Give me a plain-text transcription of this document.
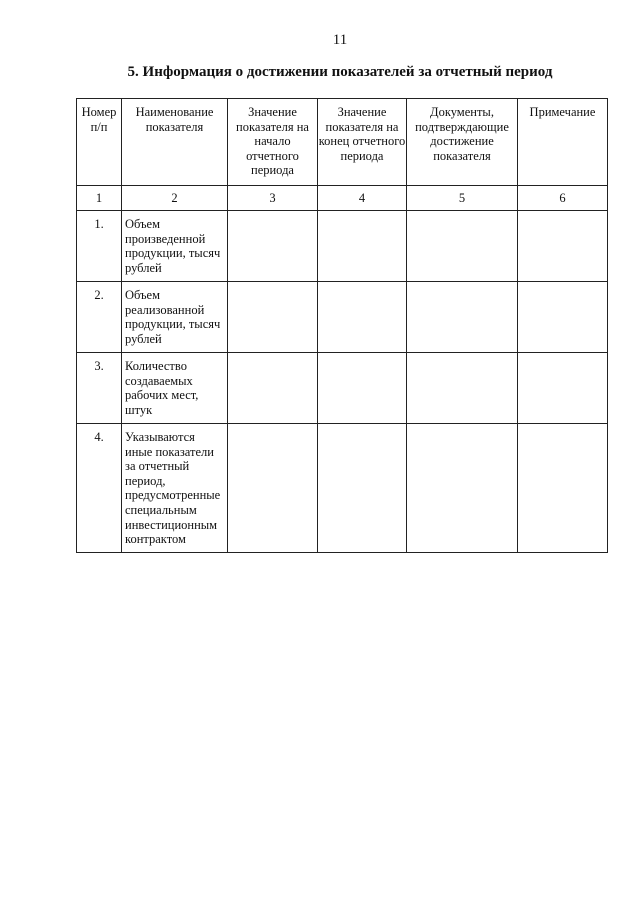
11
5. Информация о достижении показателей за отчетный период
Номер п/п	Наименование показателя	Значение показателя на начало отчетного периода	Значение показателя на конец отчетного периода	Документы, подтверждающие достижение показателя	Примечание
1	2	3	4	5	6
1.	Объем произведенной продукции, тысяч рублей				
2.	Объем реализованной продукции, тысяч рублей				
3.	Количество создаваемых рабочих мест, штук				
4.	Указываются иные показатели за отчетный период, предусмотренные специальным инвестиционным контрактом				
